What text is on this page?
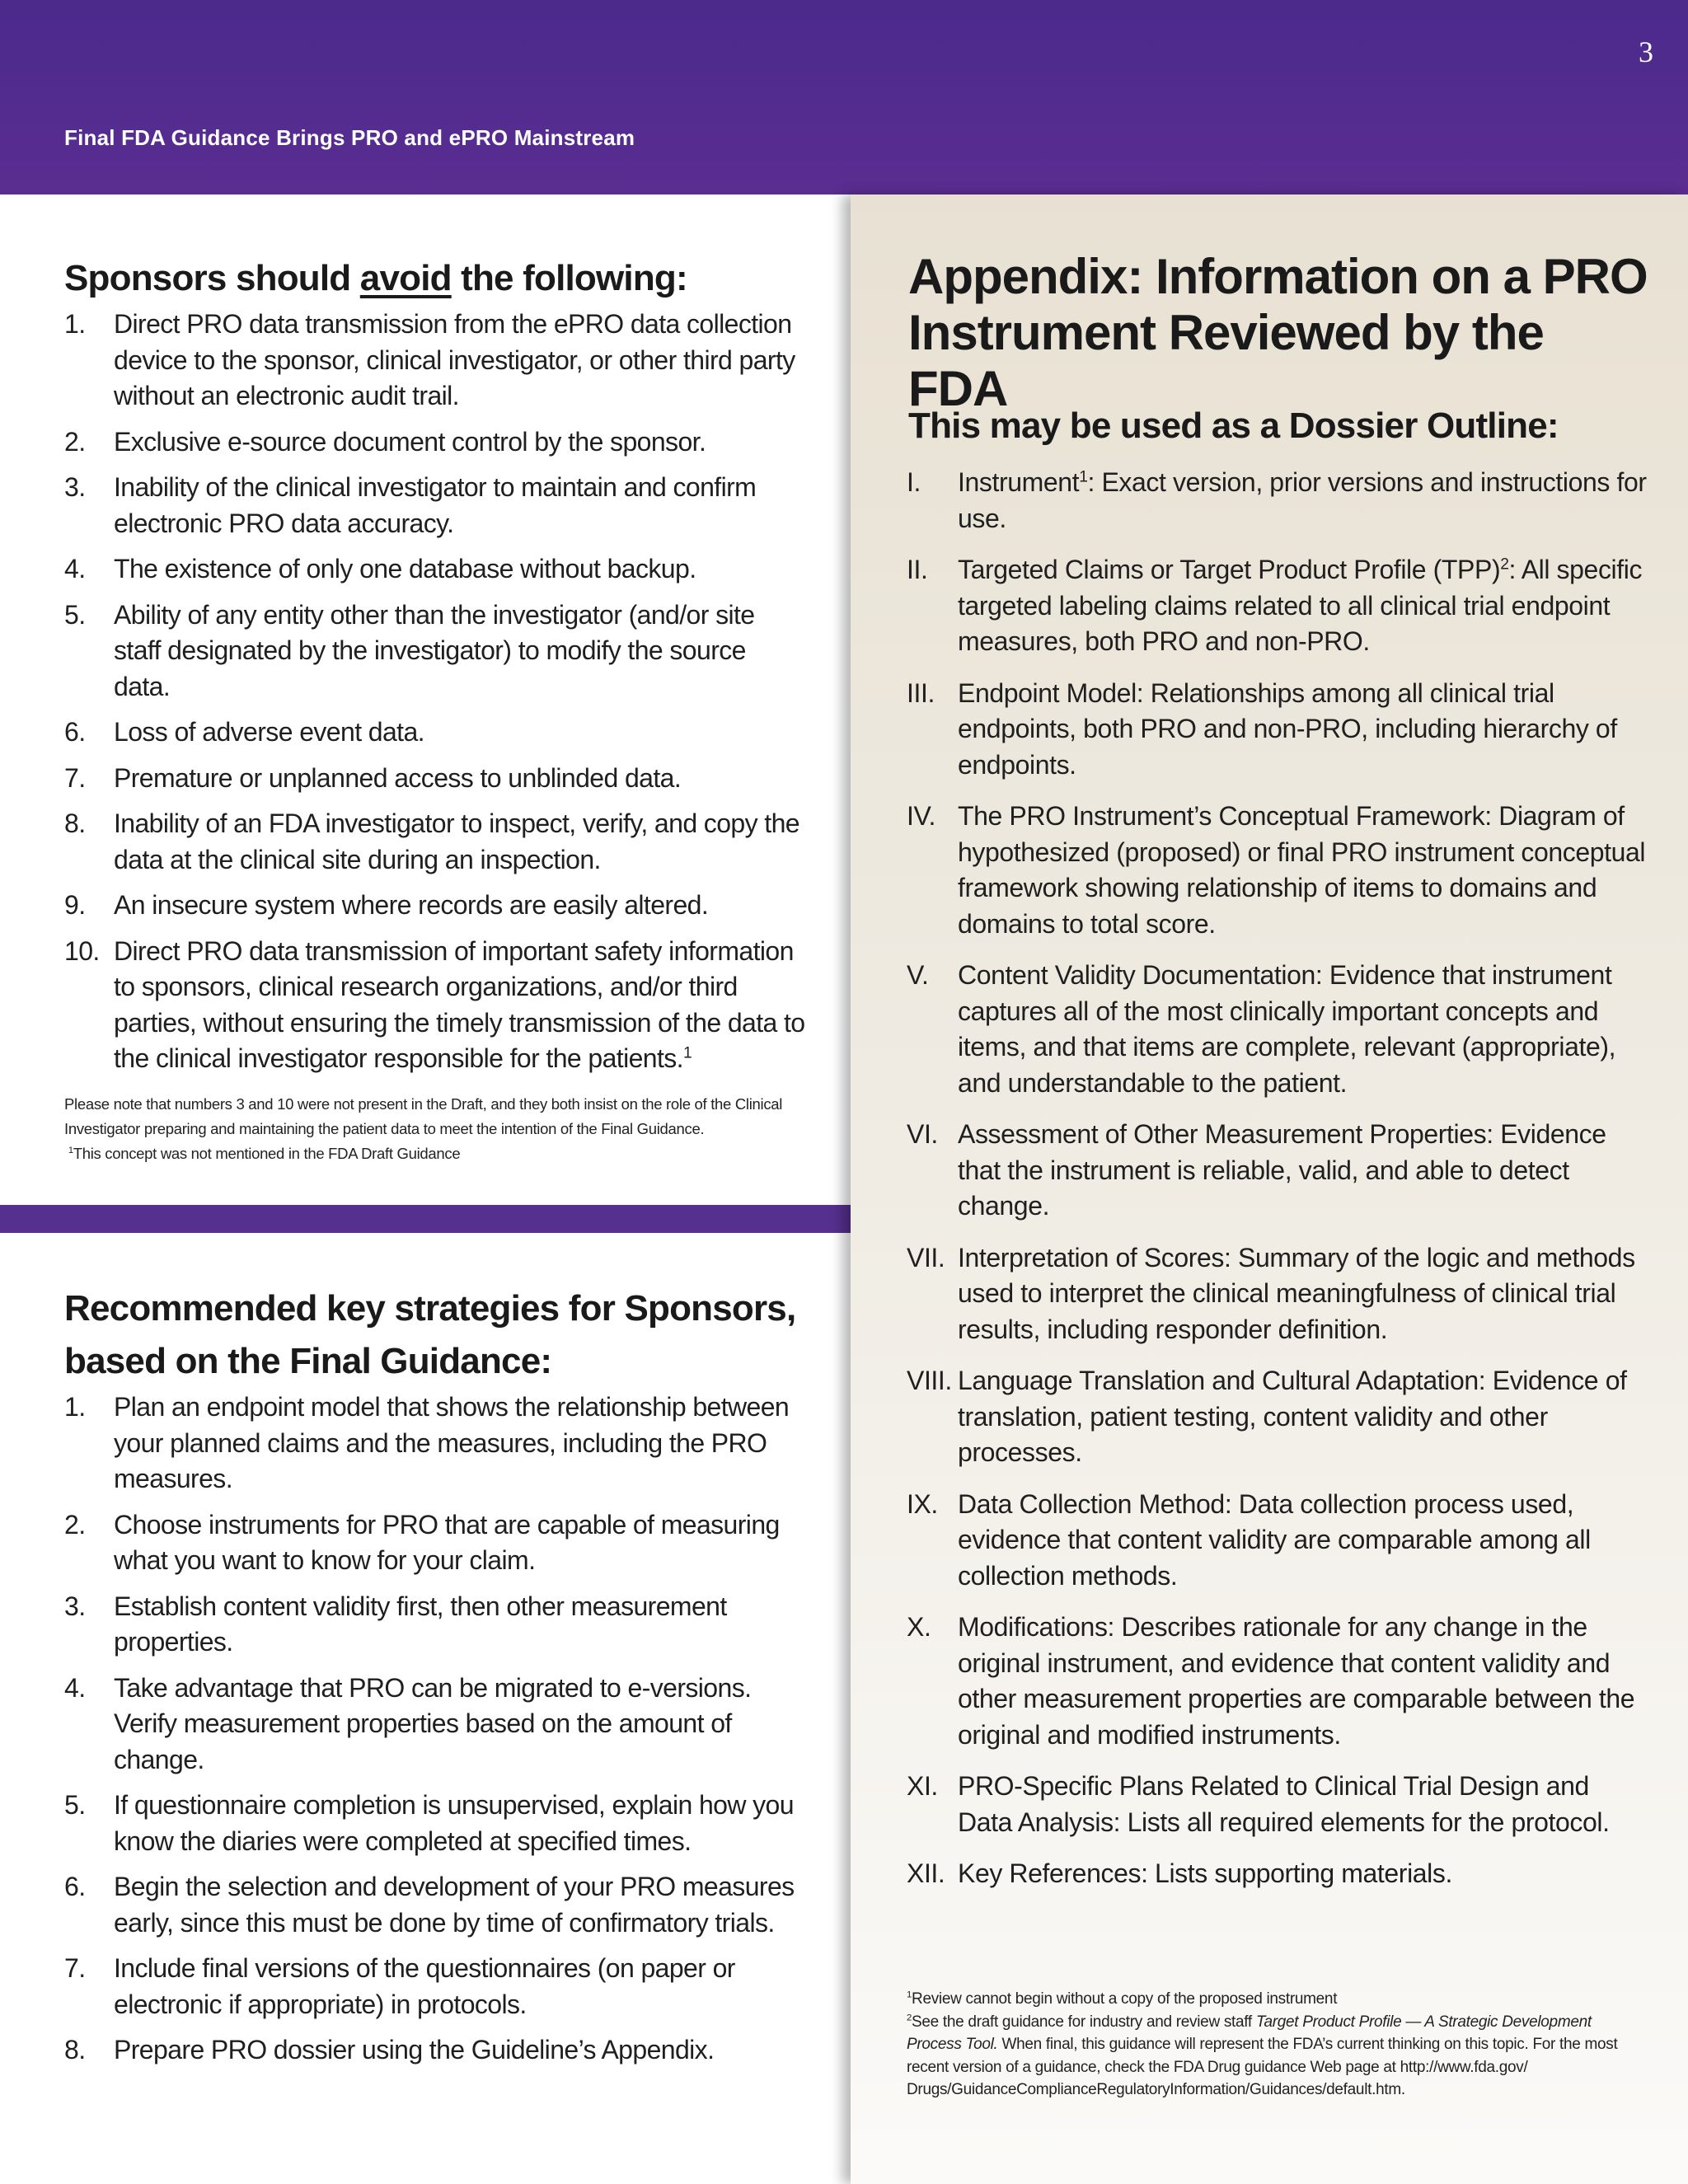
3
Final FDA Guidance Brings PRO and ePRO Mainstream
Sponsors should avoid the following:
1. Direct PRO data transmission from the ePRO data collection device to the sponsor, clinical investigator, or other third party without an electronic audit trail.
2. Exclusive e-source document control by the sponsor.
3. Inability of the clinical investigator to maintain and confirm electronic PRO data accuracy.
4. The existence of only one database without backup.
5. Ability of any entity other than the investigator (and/or site staff designated by the investigator) to modify the source data.
6. Loss of adverse event data.
7. Premature or unplanned access to unblinded data.
8. Inability of an FDA investigator to inspect, verify, and copy the data at the clinical site during an inspection.
9. An insecure system where records are easily altered.
10. Direct PRO data transmission of important safety information to sponsors, clinical research organizations, and/or third parties, without ensuring the timely transmission of the data to the clinical investigator responsible for the patients.$^1$
Please note that numbers 3 and 10 were not present in the Draft, and they both insist on the role of the Clinical Investigator preparing and maintaining the patient data to meet the intention of the Final Guidance.
$^1$This concept was not mentioned in the FDA Draft Guidance
Recommended key strategies for Sponsors,
based on the Final Guidance:
1. Plan an endpoint model that shows the relationship between your planned claims and the measures, including the PRO measures.
2. Choose instruments for PRO that are capable of measuring what you want to know for your claim.
3. Establish content validity first, then other measurement properties.
4. Take advantage that PRO can be migrated to e-versions. Verify measurement properties based on the amount of change.
5. If questionnaire completion is unsupervised, explain how you know the diaries were completed at specified times.
6. Begin the selection and development of your PRO measures early, since this must be done by time of confirmatory trials.
7. Include final versions of the questionnaires (on paper or electronic if appropriate) in protocols.
8. Prepare PRO dossier using the Guideline’s Appendix.
Appendix: Information on a PRO
Instrument Reviewed by the FDA
This may be used as a Dossier Outline:
I. Instrument$^1$: Exact version, prior versions and instructions for use.
II. Targeted Claims or Target Product Profile (TPP)$^2$: All specific targeted labeling claims related to all clinical trial endpoint measures, both PRO and non-PRO.
III. Endpoint Model: Relationships among all clinical trial endpoints, both PRO and non-PRO, including hierarchy of endpoints.
IV. The PRO Instrument’s Conceptual Framework: Diagram of hypothesized (proposed) or final PRO instrument conceptual framework showing relationship of items to domains and domains to total score.
V. Content Validity Documentation: Evidence that instrument captures all of the most clinically important concepts and items, and that items are complete, relevant (appropriate), and understandable to the patient.
VI. Assessment of Other Measurement Properties: Evidence that the instrument is reliable, valid, and able to detect change.
VII. Interpretation of Scores: Summary of the logic and methods used to interpret the clinical meaningfulness of clinical trial results, including responder definition.
VIII. Language Translation and Cultural Adaptation: Evidence of translation, patient testing, content validity and other processes.
IX. Data Collection Method: Data collection process used, evidence that content validity are comparable among all collection methods.
X. Modifications: Describes rationale for any change in the original instrument, and evidence that content validity and other measurement properties are comparable between the original and modified instruments.
XI. PRO-Specific Plans Related to Clinical Trial Design and Data Analysis: Lists all required elements for the protocol.
XII. Key References: Lists supporting materials.
$^1$Review cannot begin without a copy of the proposed instrument
$^2$See the draft guidance for industry and review staff Target Product Profile — A Strategic Development Process Tool. When final, this guidance will represent the FDA’s current thinking on this topic. For the most recent version of a guidance, check the FDA Drug guidance Web page at http://www.fda.gov/ Drugs/GuidanceComplianceRegulatoryInformation/Guidances/default.htm.
